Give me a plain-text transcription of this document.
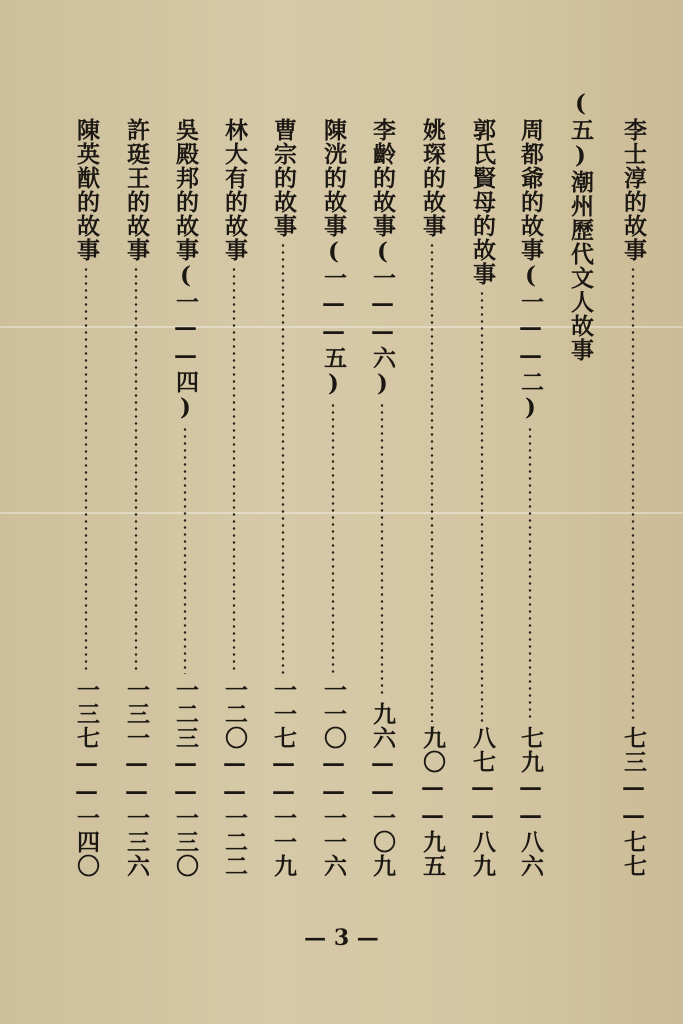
李士淳的故事
七三——七七
(五)潮州歷代文人故事
周都爺的故事(一——二)
七九——八六
郭氏賢母的故事
八七——八九
姚琛的故事
九〇——九五
李齡的故事(一——六)
九六——一〇九
陳洸的故事(一——五)
一一〇——一一六
曹宗的故事
一一七——一一九
林大有的故事
一二〇——一二二
吳殿邦的故事(一——四)
一二三——一三〇
許珽王的故事
一三一——一三六
陳英猷的故事
一三七——一四〇
— 3 —
